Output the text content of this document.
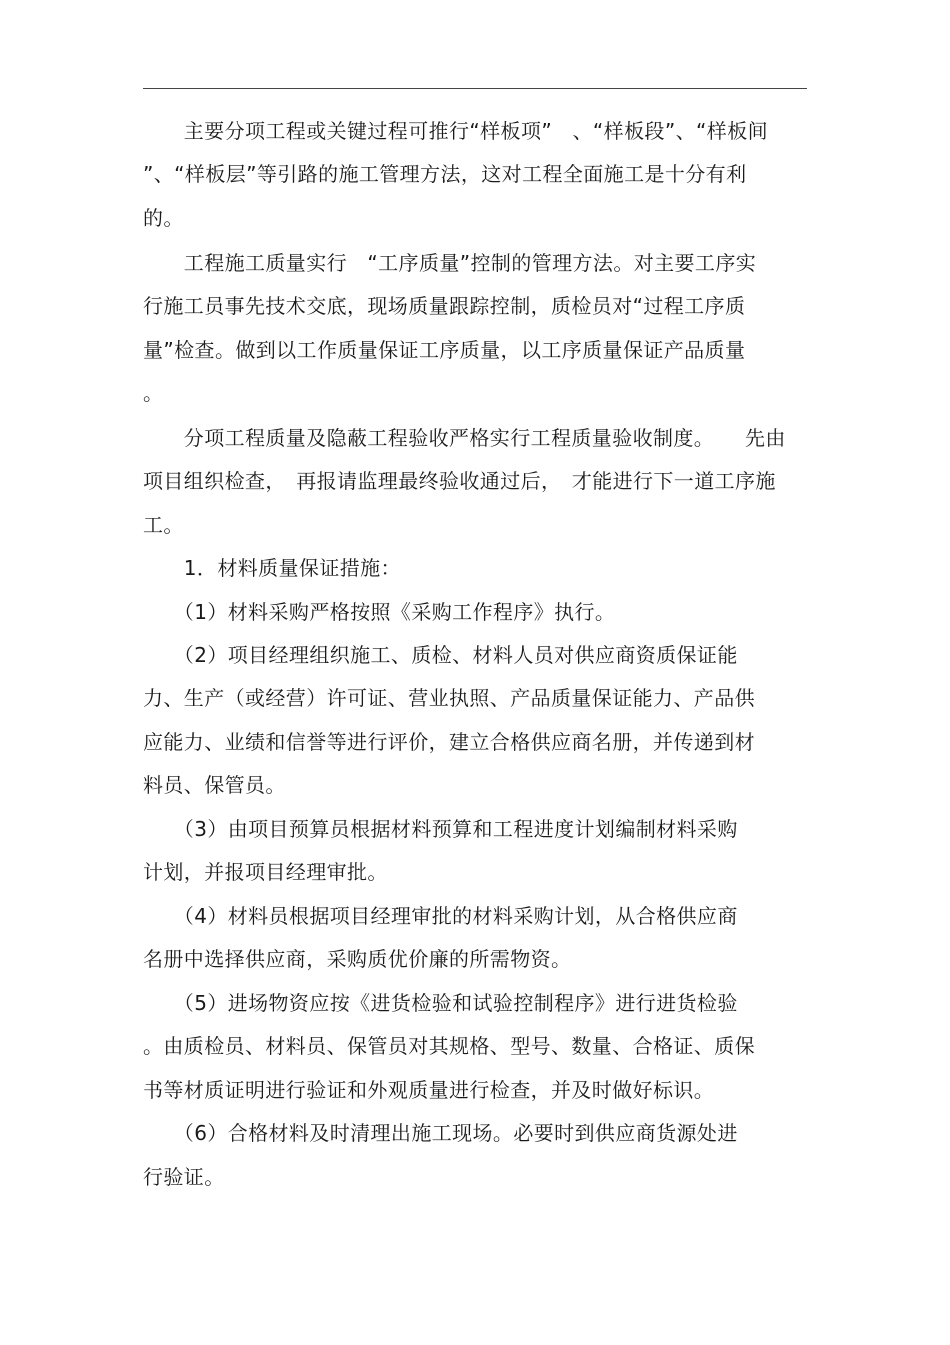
　　主要分项工程或关键过程可推行“样板项”　、“样板段”、“样板间
”、“样板层”等引路的施工管理方法，这对工程全面施工是十分有利
的。
　　工程施工质量实行　“工序质量”控制的管理方法。对主要工序实
行施工员事先技术交底，现场质量跟踪控制，质检员对“过程工序质
量”检查。做到以工作质量保证工序质量，以工序质量保证产品质量
。
　　分项工程质量及隐蔽工程验收严格实行工程质量验收制度。　　先由
项目组织检查，　再报请监理最终验收通过后，　才能进行下一道工序施
工。
　　1．材料质量保证措施：
　　（1）材料采购严格按照《采购工作程序》执行。
　　（2）项目经理组织施工、质检、材料人员对供应商资质保证能
力、生产（或经营）许可证、营业执照、产品质量保证能力、产品供
应能力、业绩和信誉等进行评价，建立合格供应商名册，并传递到材
料员、保管员。
　　（3）由项目预算员根据材料预算和工程进度计划编制材料采购
计划，并报项目经理审批。
　　（4）材料员根据项目经理审批的材料采购计划，从合格供应商
名册中选择供应商，采购质优价廉的所需物资。
　　（5）进场物资应按《进货检验和试验控制程序》进行进货检验
。由质检员、材料员、保管员对其规格、型号、数量、合格证、质保
书等材质证明进行验证和外观质量进行检查，并及时做好标识。
　　（6）合格材料及时清理出施工现场。必要时到供应商货源处进
行验证。
